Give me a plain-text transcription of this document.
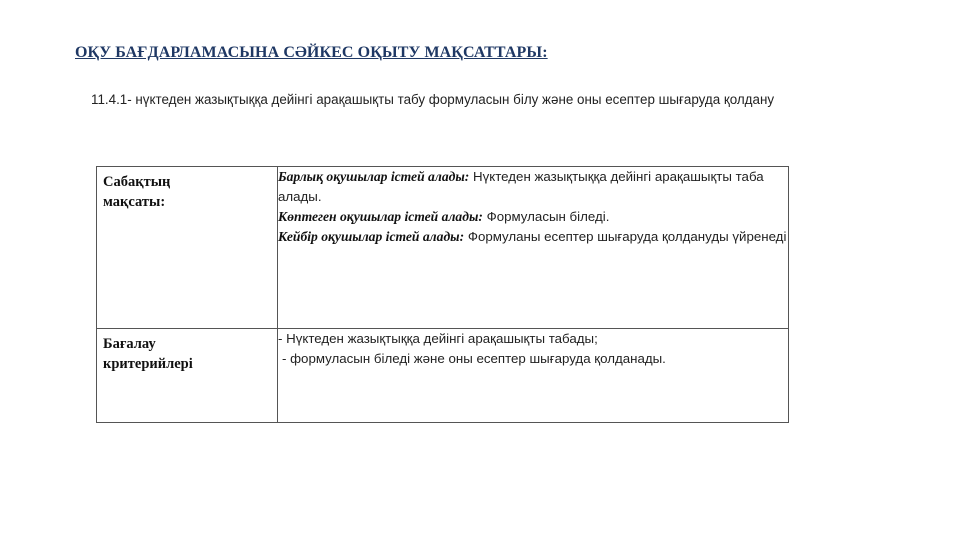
ОҚУ БАҒДАРЛАМАСЫНА СӘЙКЕС ОҚЫТУ МАҚСАТТАРЫ:
11.4.1- нүктеден жазықтыққа дейінгі арақашықты табу формуласын білу және оны есептер шығаруда қолдану
Сабақтың мақсаты:	Барлық оқушылар істей алады: Нүктеден жазықтыққа дейінгі арақашықты таба алады.
Көптеген оқушылар істей алады: Формуласын біледі.
Кейбір оқушылар істей алады: Формуланы есептер шығаруда қолдануды үйренеді

Бағалау критерийлері	- Нүктеден жазықтыққа дейінгі арақашықты табады;
- формуласын біледі және оны есептер шығаруда қолданады.
